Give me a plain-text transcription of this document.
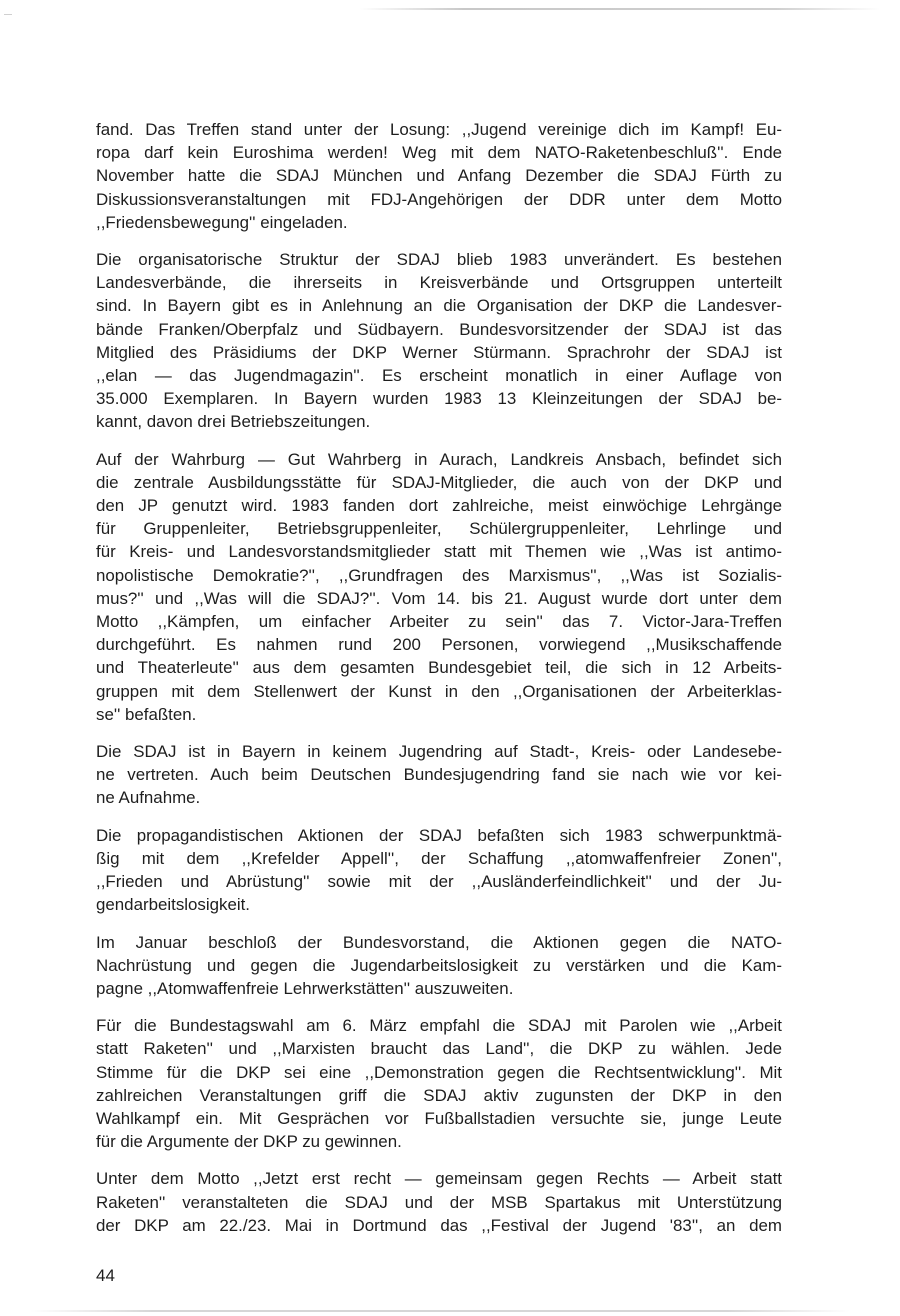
fand. Das Treffen stand unter der Losung: ,,Jugend vereinige dich im Kampf! Eu-
ropa darf kein Euroshima werden! Weg mit dem NATO-Raketenbeschluß''. Ende
November hatte die SDAJ München und Anfang Dezember die SDAJ Fürth zu
Diskussionsveranstaltungen mit FDJ-Angehörigen der DDR unter dem Motto
,,Friedensbewegung'' eingeladen.

Die organisatorische Struktur der SDAJ blieb 1983 unverändert. Es bestehen
Landesverbände, die ihrerseits in Kreisverbände und Ortsgruppen unterteilt
sind. In Bayern gibt es in Anlehnung an die Organisation der DKP die Landesver-
bände Franken/Oberpfalz und Südbayern. Bundesvorsitzender der SDAJ ist das
Mitglied des Präsidiums der DKP Werner Stürmann. Sprachrohr der SDAJ ist
,,elan — das Jugendmagazin''. Es erscheint monatlich in einer Auflage von
35.000 Exemplaren. In Bayern wurden 1983 13 Kleinzeitungen der SDAJ be-
kannt, davon drei Betriebszeitungen.

Auf der Wahrburg — Gut Wahrberg in Aurach, Landkreis Ansbach, befindet sich
die zentrale Ausbildungsstätte für SDAJ-Mitglieder, die auch von der DKP und
den JP genutzt wird. 1983 fanden dort zahlreiche, meist einwöchige Lehrgänge
für Gruppenleiter, Betriebsgruppenleiter, Schülergruppenleiter, Lehrlinge und
für Kreis- und Landesvorstandsmitglieder statt mit Themen wie ,,Was ist antimo-
nopolistische Demokratie?'', ,,Grundfragen des Marxismus'', ,,Was ist Sozialis-
mus?'' und ,,Was will die SDAJ?''. Vom 14. bis 21. August wurde dort unter dem
Motto ,,Kämpfen, um einfacher Arbeiter zu sein'' das 7. Victor-Jara-Treffen
durchgeführt. Es nahmen rund 200 Personen, vorwiegend ,,Musikschaffende
und Theaterleute'' aus dem gesamten Bundesgebiet teil, die sich in 12 Arbeits-
gruppen mit dem Stellenwert der Kunst in den ,,Organisationen der Arbeiterklas-
se'' befaßten.

Die SDAJ ist in Bayern in keinem Jugendring auf Stadt-, Kreis- oder Landesebe-
ne vertreten. Auch beim Deutschen Bundesjugendring fand sie nach wie vor kei-
ne Aufnahme.

Die propagandistischen Aktionen der SDAJ befaßten sich 1983 schwerpunktmä-
ßig mit dem ,,Krefelder Appell'', der Schaffung ,,atomwaffenfreier Zonen'',
,,Frieden und Abrüstung'' sowie mit der ,,Ausländerfeindlichkeit'' und der Ju-
gendarbeitslosigkeit.

Im Januar beschloß der Bundesvorstand, die Aktionen gegen die NATO-
Nachrüstung und gegen die Jugendarbeitslosigkeit zu verstärken und die Kam-
pagne ,,Atomwaffenfreie Lehrwerkstätten'' auszuweiten.

Für die Bundestagswahl am 6. März empfahl die SDAJ mit Parolen wie ,,Arbeit
statt Raketen'' und ,,Marxisten braucht das Land'', die DKP zu wählen. Jede
Stimme für die DKP sei eine ,,Demonstration gegen die Rechtsentwicklung''. Mit
zahlreichen Veranstaltungen griff die SDAJ aktiv zugunsten der DKP in den
Wahlkampf ein. Mit Gesprächen vor Fußballstadien versuchte sie, junge Leute
für die Argumente der DKP zu gewinnen.

Unter dem Motto ,,Jetzt erst recht — gemeinsam gegen Rechts — Arbeit statt
Raketen'' veranstalteten die SDAJ und der MSB Spartakus mit Unterstützung
der DKP am 22./23. Mai in Dortmund das ,,Festival der Jugend '83'', an dem

44
